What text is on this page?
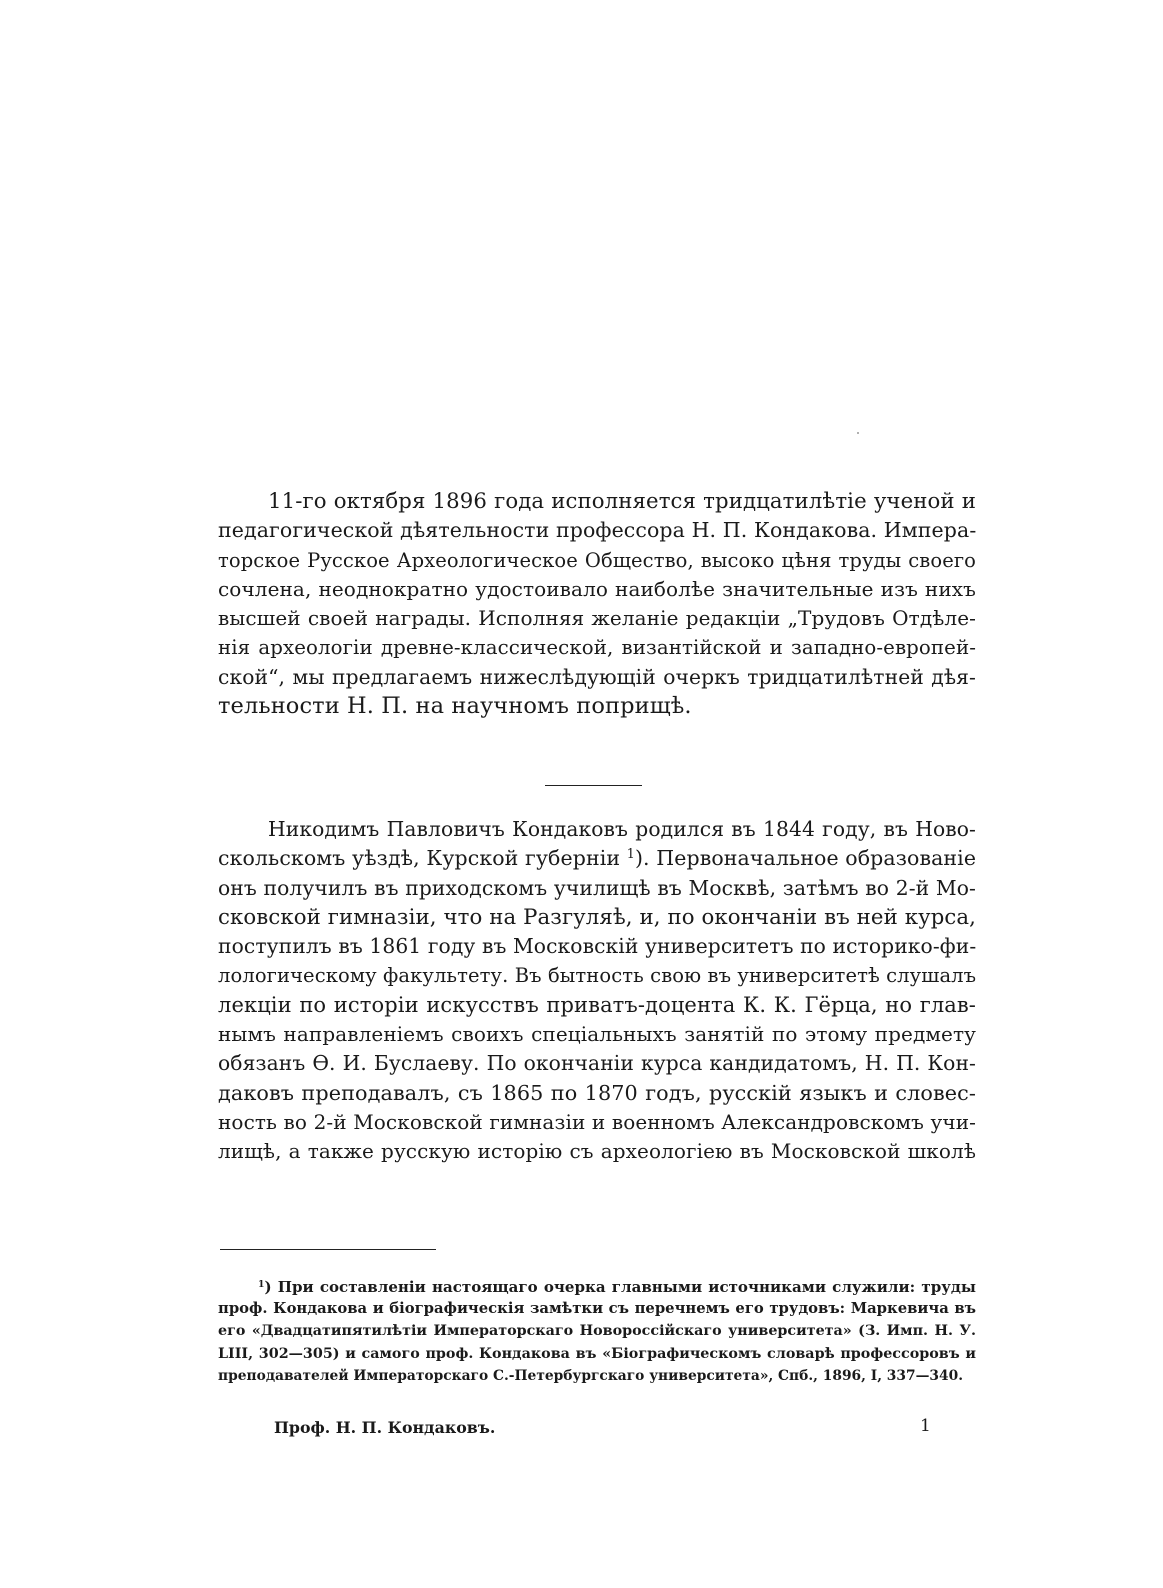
11-го октября 1896 года исполняется тридцатилѣтіе ученой и
педагогической дѣятельности профессора Н. П. Кондакова. Импера-
торское Русское Археологическое Общество, высоко цѣня труды своего
сочлена, неоднократно удостоивало наиболѣе значительные изъ нихъ
высшей своей награды. Исполняя желаніе редакціи „Трудовъ Отдѣле-
нія археологіи древне-классической, византійской и западно-европей-
ской“, мы предлагаемъ нижеслѣдующій очеркъ тридцатилѣтней дѣя-
тельности Н. П. на научномъ поприщѣ.
Никодимъ Павловичъ Кондаковъ родился въ 1844 году, въ Ново-
скольскомъ уѣздѣ, Курской губерніи $^1$). Первоначальное образованіе
онъ получилъ въ приходскомъ училищѣ въ Москвѣ, затѣмъ во 2-й Мо-
сковской гимназіи, что на Разгуляѣ, и, по окончаніи въ ней курса,
поступилъ въ 1861 году въ Московскій университетъ по историко-фи-
лологическому факультету. Въ бытность свою въ университетѣ слушалъ
лекціи по исторіи искусствъ приватъ-доцента К. К. Гёрца, но глав-
нымъ направленіемъ своихъ спеціальныхъ занятій по этому предмету
обязанъ Ѳ. И. Буслаеву. По окончаніи курса кандидатомъ, Н. П. Кон-
даковъ преподавалъ, съ 1865 по 1870 годъ, русскій языкъ и словес-
ность во 2-й Московской гимназіи и военномъ Александровскомъ учи-
лищѣ, а также русскую исторію съ археологіею въ Московской школѣ
$^1$) При составленіи настоящаго очерка главными источниками служили: труды
проф. Кондакова и біографическія замѣтки съ перечнемъ его трудовъ: Маркевича въ
его «Двадцатипятилѣтіи Императорскаго Новороссійскаго университета» (З. Имп. Н. У.
LIII, 302—305) и самого проф. Кондакова въ «Біографическомъ словарѣ профессоровъ и
преподавателей Императорскаго С.-Петербургскаго университета», Спб., 1896, I, 337—340.
Проф. Н. П. Кондаковъ.	1
